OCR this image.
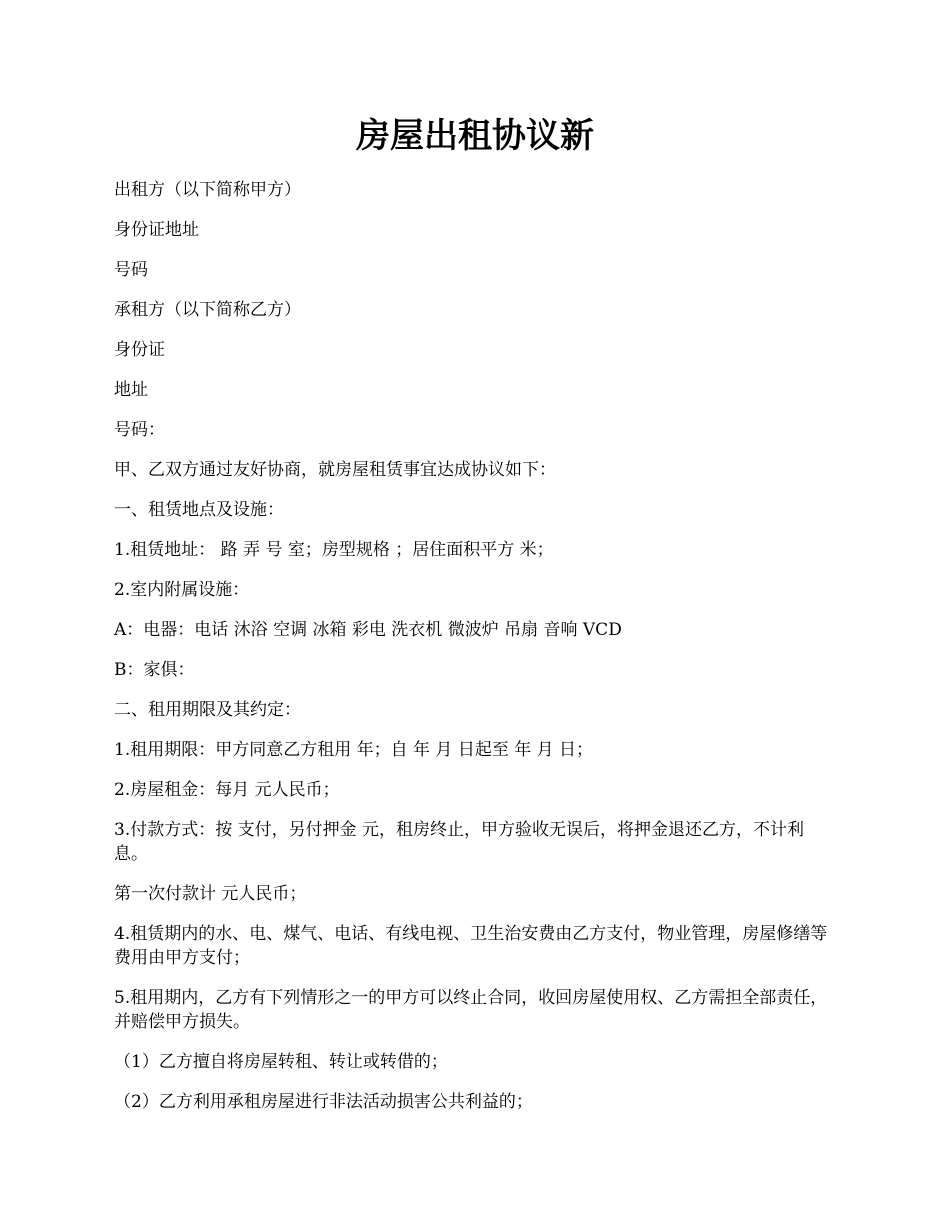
房屋出租协议新

出租方（以下简称甲方）

身份证地址

号码

承租方（以下简称乙方）

身份证

地址

号码：

甲、乙双方通过友好协商，就房屋租赁事宜达成协议如下：

一、租赁地点及设施：

1.租赁地址： 路 弄 号 室；房型规格 ；居住面积平方 米；

2.室内附属设施：

A：电器：电话 沐浴 空调 冰箱 彩电 洗衣机 微波炉 吊扇 音响 VCD

B：家俱：

二、租用期限及其约定：

1.租用期限：甲方同意乙方租用 年；自 年 月 日起至 年 月 日；

2.房屋租金：每月 元人民币；

3.付款方式：按 支付，另付押金 元，租房终止，甲方验收无误后，将押金退还乙方，不计利息。

第一次付款计 元人民币；

4.租赁期内的水、电、煤气、电话、有线电视、卫生治安费由乙方支付，物业管理，房屋修缮等费用由甲方支付；

5.租用期内，乙方有下列情形之一的甲方可以终止合同，收回房屋使用权、乙方需担全部责任，并赔偿甲方损失。

（1）乙方擅自将房屋转租、转让或转借的；

（2）乙方利用承租房屋进行非法活动损害公共利益的；
